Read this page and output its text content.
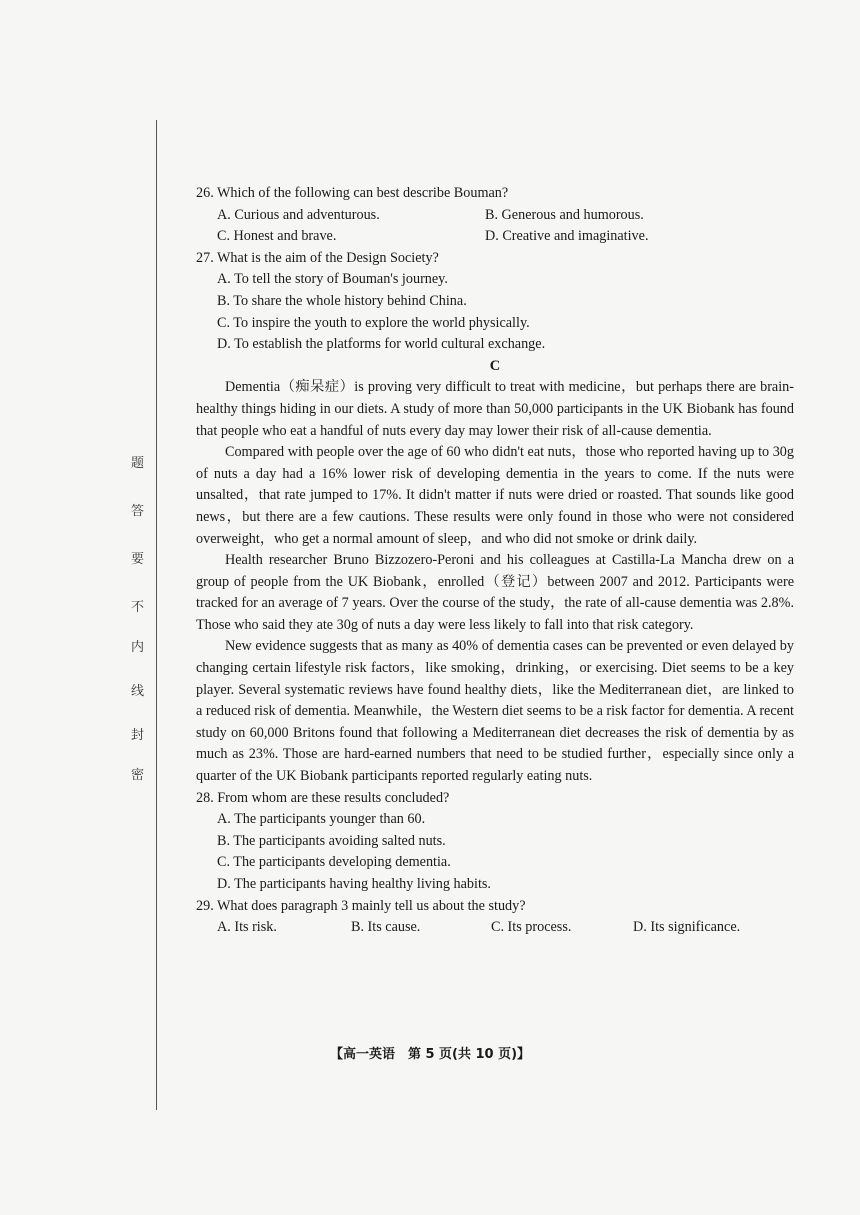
题
答
要
不
内
线
封
密

26. Which of the following can best describe Bouman?

A. Curious and adventurous.	B. Generous and humorous.

C. Honest and brave.	D. Creative and imaginative.

27. What is the aim of the Design Society?

A. To tell the story of Bouman's journey.

B. To share the whole history behind China.

C. To inspire the youth to explore the world physically.

D. To establish the platforms for world cultural exchange.

C

Dementia（痴呆症）is proving very difficult to treat with medicine，but perhaps there are brain-healthy things hiding in our diets. A study of more than 50,000 participants in the UK Biobank has found that people who eat a handful of nuts every day may lower their risk of all-cause dementia.

Compared with people over the age of 60 who didn't eat nuts，those who reported having up to 30g of nuts a day had a 16% lower risk of developing dementia in the years to come. If the nuts were unsalted，that rate jumped to 17%. It didn't matter if nuts were dried or roasted. That sounds like good news，but there are a few cautions. These results were only found in those who were not considered overweight，who get a normal amount of sleep，and who did not smoke or drink daily.

Health researcher Bruno Bizzozero-Peroni and his colleagues at Castilla-La Mancha drew on a group of people from the UK Biobank，enrolled（登记）between 2007 and 2012. Participants were tracked for an average of 7 years. Over the course of the study，the rate of all-cause dementia was 2.8%. Those who said they ate 30g of nuts a day were less likely to fall into that risk category.

New evidence suggests that as many as 40% of dementia cases can be prevented or even delayed by changing certain lifestyle risk factors，like smoking，drinking，or exercising. Diet seems to be a key player. Several systematic reviews have found healthy diets，like the Mediterranean diet，are linked to a reduced risk of dementia. Meanwhile，the Western diet seems to be a risk factor for dementia. A recent study on 60,000 Britons found that following a Mediterranean diet decreases the risk of dementia by as much as 23%. Those are hard-earned numbers that need to be studied further，especially since only a quarter of the UK Biobank participants reported regularly eating nuts.

28. From whom are these results concluded?

A. The participants younger than 60.

B. The participants avoiding salted nuts.

C. The participants developing dementia.

D. The participants having healthy living habits.

29. What does paragraph 3 mainly tell us about the study?

A. Its risk.	B. Its cause.	C. Its process.	D. Its significance.

【高一英语　第 5 页(共 10 页)】
